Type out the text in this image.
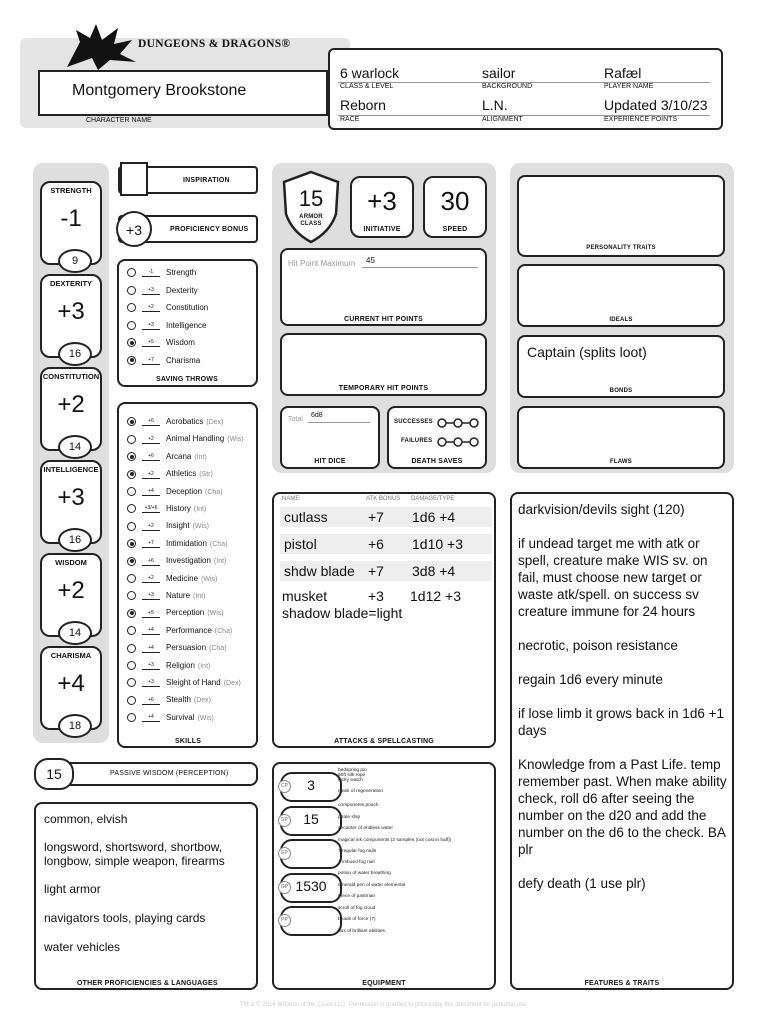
DUNGEONS & DRAGONS®
Montgomery Brookstone
CHARACTER NAME
6 warlock
CLASS & LEVEL
sailor
BACKGROUND
Rafæl
PLAYER NAME
Reborn
RACE
L.N.
ALIGNMENT
Updated 3/10/23
EXPERIENCE POINTS
STRENGTH
-1
9
DEXTERITY
+3
16
CONSTITUTION
+2
14
INTELLIGENCE
+3
16
WISDOM
+2
14
CHARISMA
+4
18
INSPIRATION
+3	PROFICIENCY BONUS
-1 Strength
+3 Dexterity
+2 Constitution
+3 Intelligence
+5 Wisdom
+7 Charisma
SAVING THROWS
+6 Acrobatics (Dex)
+2 Animal Handling (Wis)
+6 Arcana (Int)
+2 Athletics (Str)
+4 Deception (Cha)
+3/+6 History (Int)
+2 Insight (Wis)
+7 Intimidation (Cha)
+6 Investigation (Int)
+2 Medicine (Wis)
+3 Nature (Int)
+5 Perception (Wis)
+4 Performance (Cha)
+4 Persuasion (Cha)
+3 Religion (Int)
+3 Sleight of Hand (Dex)
+6 Stealth (Dex)
+4 Survival (Wis)
SKILLS
15	PASSIVE WISDOM (PERCEPTION)
common, elvish
longsword, shortsword, shortbow,
longbow, simple weapon, firearms
light armor
navigators tools, playing cards
water vehicles
OTHER PROFICIENCIES & LANGUAGES
15
ARMOR CLASS
+3
INITIATIVE
30
SPEED
Hit Point Maximum 45
CURRENT HIT POINTS
TEMPORARY HIT POINTS
Total
6d8
HIT DICE
SUCCESSES
FAILURES
DEATH SAVES
NAME	ATK BONUS DAMAGE/TYPE
cutlass	+7	1d6 +4
pistol	+6	1d10 +3
shdw blade +7	3d8 +4
musket	+3 1d12 +3
shadow blade=light
ATTACKS & SPELLCASTING
3
CP
15
SP
EP
1530
GP
PP
bedspring pin
60ft silk rope
lucky watch
mask of regeneration
components pouch
pirate ship
decanter of endless water
magical ink components (2 samples (out cost in half))
7 regular fog nails
1 imbued fog nail
potion of water breathing
emerald pen of water elemental
Piece of pastman
scroll of fog cloud
beads of force (7)
box of brilliant abilities
EQUIPMENT
PERSONALITY TRAITS
IDEALS
Captain (splits loot)
BONDS
FLAWS

darkvision/devils sight (120)

if undead target me with atk or spell, creature make WIS sv. on fail, must choose new target or waste atk/spell. on success sv creature immune for 24 hours

necrotic, poison resistance

regain 1d6 every minute

if lose limb it grows back in 1d6 +1 days

Knowledge from a Past Life. temp remember past. When make ability check, roll d6 after seeing the number on the d20 and add the number on the d6 to the check. BA plr

defy death (1 use plr)

FEATURES & TRAITS
TM & © 2014 Wizards of the Coast LLC. Permission is granted to photocopy this document for personal use.
